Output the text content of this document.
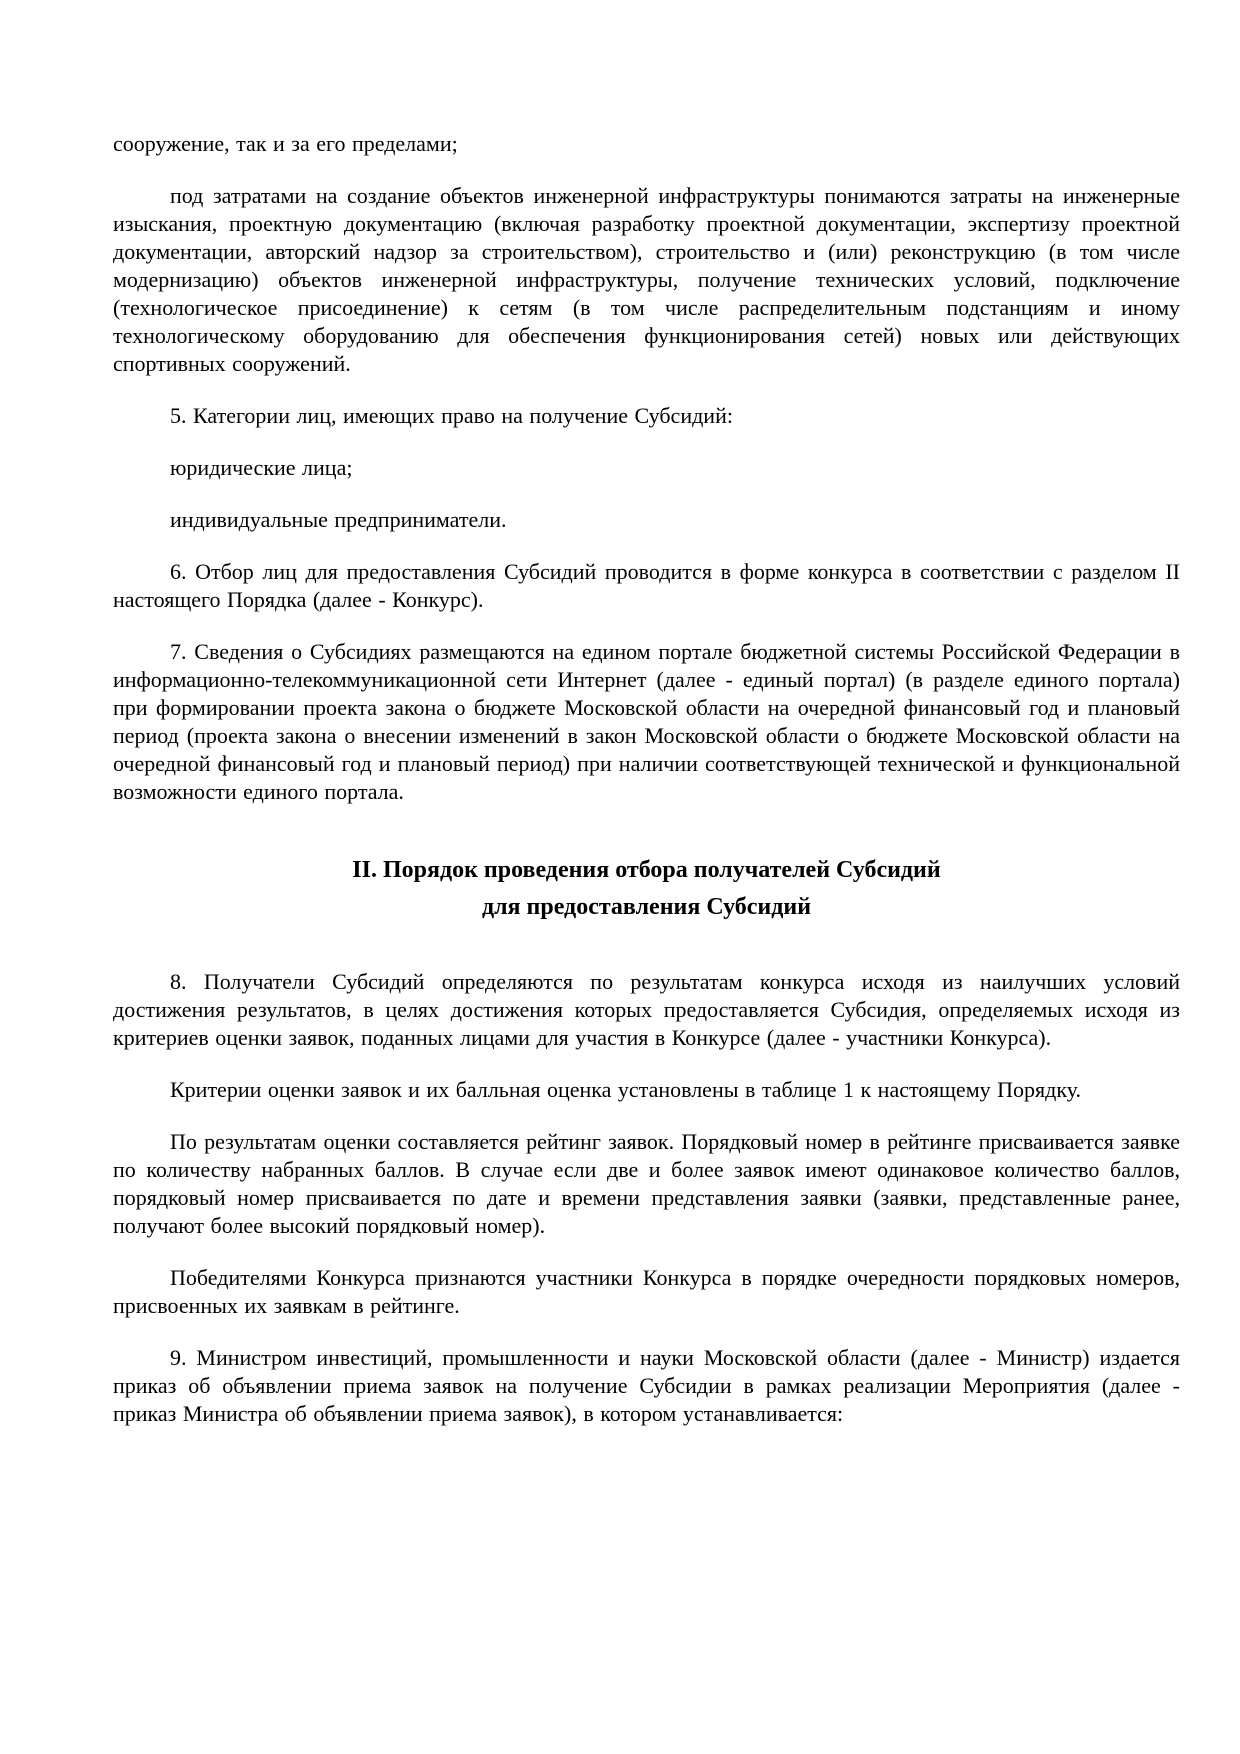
сооружение, так и за его пределами;

под затратами на создание объектов инженерной инфраструктуры понимаются затраты на инженерные изыскания, проектную документацию (включая разработку проектной документации, экспертизу проектной документации, авторский надзор за строительством), строительство и (или) реконструкцию (в том числе модернизацию) объектов инженерной инфраструктуры, получение технических условий, подключение (технологическое присоединение) к сетям (в том числе распределительным подстанциям и иному технологическому оборудованию для обеспечения функционирования сетей) новых или действующих спортивных сооружений.

5. Категории лиц, имеющих право на получение Субсидий:

юридические лица;

индивидуальные предприниматели.

6. Отбор лиц для предоставления Субсидий проводится в форме конкурса в соответствии с разделом II настоящего Порядка (далее - Конкурс).

7. Сведения о Субсидиях размещаются на едином портале бюджетной системы Российской Федерации в информационно-телекоммуникационной сети Интернет (далее - единый портал) (в разделе единого портала) при формировании проекта закона о бюджете Московской области на очередной финансовый год и плановый период (проекта закона о внесении изменений в закон Московской области о бюджете Московской области на очередной финансовый год и плановый период) при наличии соответствующей технической и функциональной возможности единого портала.

II. Порядок проведения отбора получателей Субсидий
для предоставления Субсидий

8. Получатели Субсидий определяются по результатам конкурса исходя из наилучших условий достижения результатов, в целях достижения которых предоставляется Субсидия, определяемых исходя из критериев оценки заявок, поданных лицами для участия в Конкурсе (далее - участники Конкурса).

Критерии оценки заявок и их балльная оценка установлены в таблице 1 к настоящему Порядку.

По результатам оценки составляется рейтинг заявок. Порядковый номер в рейтинге присваивается заявке по количеству набранных баллов. В случае если две и более заявок имеют одинаковое количество баллов, порядковый номер присваивается по дате и времени представления заявки (заявки, представленные ранее, получают более высокий порядковый номер).

Победителями Конкурса признаются участники Конкурса в порядке очередности порядковых номеров, присвоенных их заявкам в рейтинге.

9. Министром инвестиций, промышленности и науки Московской области (далее - Министр) издается приказ об объявлении приема заявок на получение Субсидии в рамках реализации Мероприятия (далее - приказ Министра об объявлении приема заявок), в котором устанавливается:
